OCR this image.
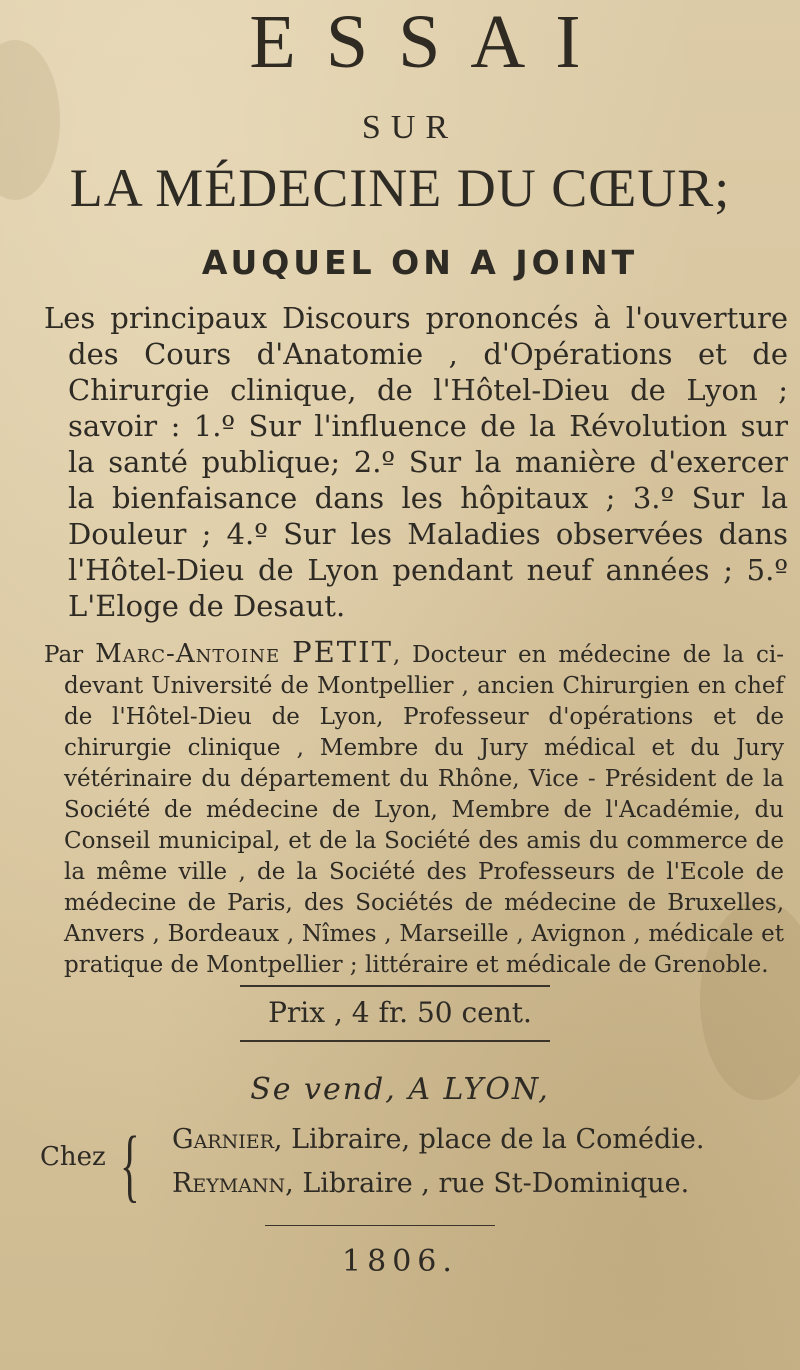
ESSAI
SUR
LA MÉDECINE DU CŒUR;
AUQUEL ON A JOINT
Les principaux Discours prononcés à l'ouverture des Cours d'Anatomie , d'Opérations et de Chirurgie clinique, de l'Hôtel-Dieu de Lyon ; savoir : 1.º Sur l'influence de la Révolution sur la santé publique; 2.º Sur la manière d'exercer la bienfaisance dans les hôpitaux ; 3.º Sur la Douleur ; 4.º Sur les Maladies observées dans l'Hôtel-Dieu de Lyon pendant neuf années ; 5.º L'Eloge de Desaut.
Par Marc-Antoine PETIT, Docteur en médecine de la ci-devant Université de Montpellier , ancien Chirurgien en chef de l'Hôtel-Dieu de Lyon, Professeur d'opérations et de chirurgie clinique , Membre du Jury médical et du Jury vétérinaire du département du Rhône, Vice - Président de la Société de médecine de Lyon, Membre de l'Académie, du Conseil municipal, et de la Société des amis du commerce de la même ville , de la Société des Professeurs de l'Ecole de médecine de Paris, des Sociétés de médecine de Bruxelles, Anvers , Bordeaux , Nîmes , Marseille , Avignon , médicale et pratique de Montpellier ; littéraire et médicale de Grenoble.
Prix , 4 fr. 50 cent.
Se vend, A LYON,
Chez { Garnier, Libraire, place de la Comédie.
Reymann, Libraire , rue St-Dominique.
1806.
